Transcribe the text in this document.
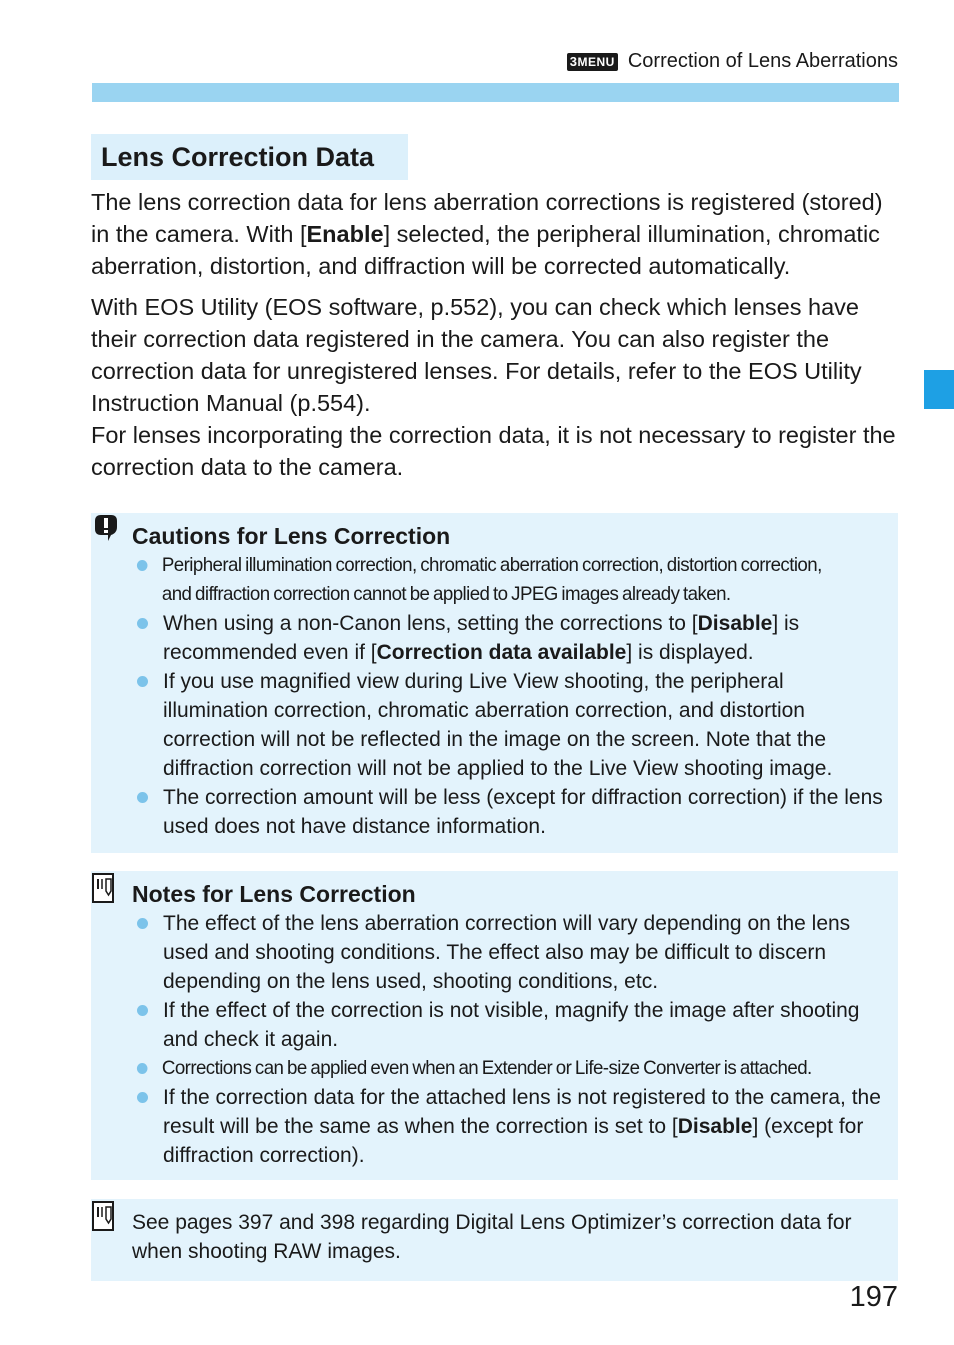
3MENU Correction of Lens Aberrations
Lens Correction Data

The lens correction data for lens aberration corrections is registered (stored) in the camera. With [Enable] selected, the peripheral illumination, chromatic aberration, distortion, and diffraction will be corrected automatically.

With EOS Utility (EOS software, p.552), you can check which lenses have their correction data registered in the camera. You can also register the correction data for unregistered lenses. For details, refer to the EOS Utility Instruction Manual (p.554).
For lenses incorporating the correction data, it is not necessary to register the correction data to the camera.

Cautions for Lens Correction
Peripheral illumination correction, chromatic aberration correction, distortion correction,
and diffraction correction cannot be applied to JPEG images already taken.
When using a non-Canon lens, setting the corrections to [Disable] is recommended even if [Correction data available] is displayed.
If you use magnified view during Live View shooting, the peripheral illumination correction, chromatic aberration correction, and distortion correction will not be reflected in the image on the screen. Note that the diffraction correction will not be applied to the Live View shooting image.
The correction amount will be less (except for diffraction correction) if the lens used does not have distance information.
Notes for Lens Correction
The effect of the lens aberration correction will vary depending on the lens used and shooting conditions. The effect also may be difficult to discern depending on the lens used, shooting conditions, etc.
If the effect of the correction is not visible, magnify the image after shooting and check it again.
Corrections can be applied even when an Extender or Life-size Converter is attached.
If the correction data for the attached lens is not registered to the camera, the result will be the same as when the correction is set to [Disable] (except for diffraction correction).
See pages 397 and 398 regarding Digital Lens Optimizer’s correction data for when shooting RAW images.
197
